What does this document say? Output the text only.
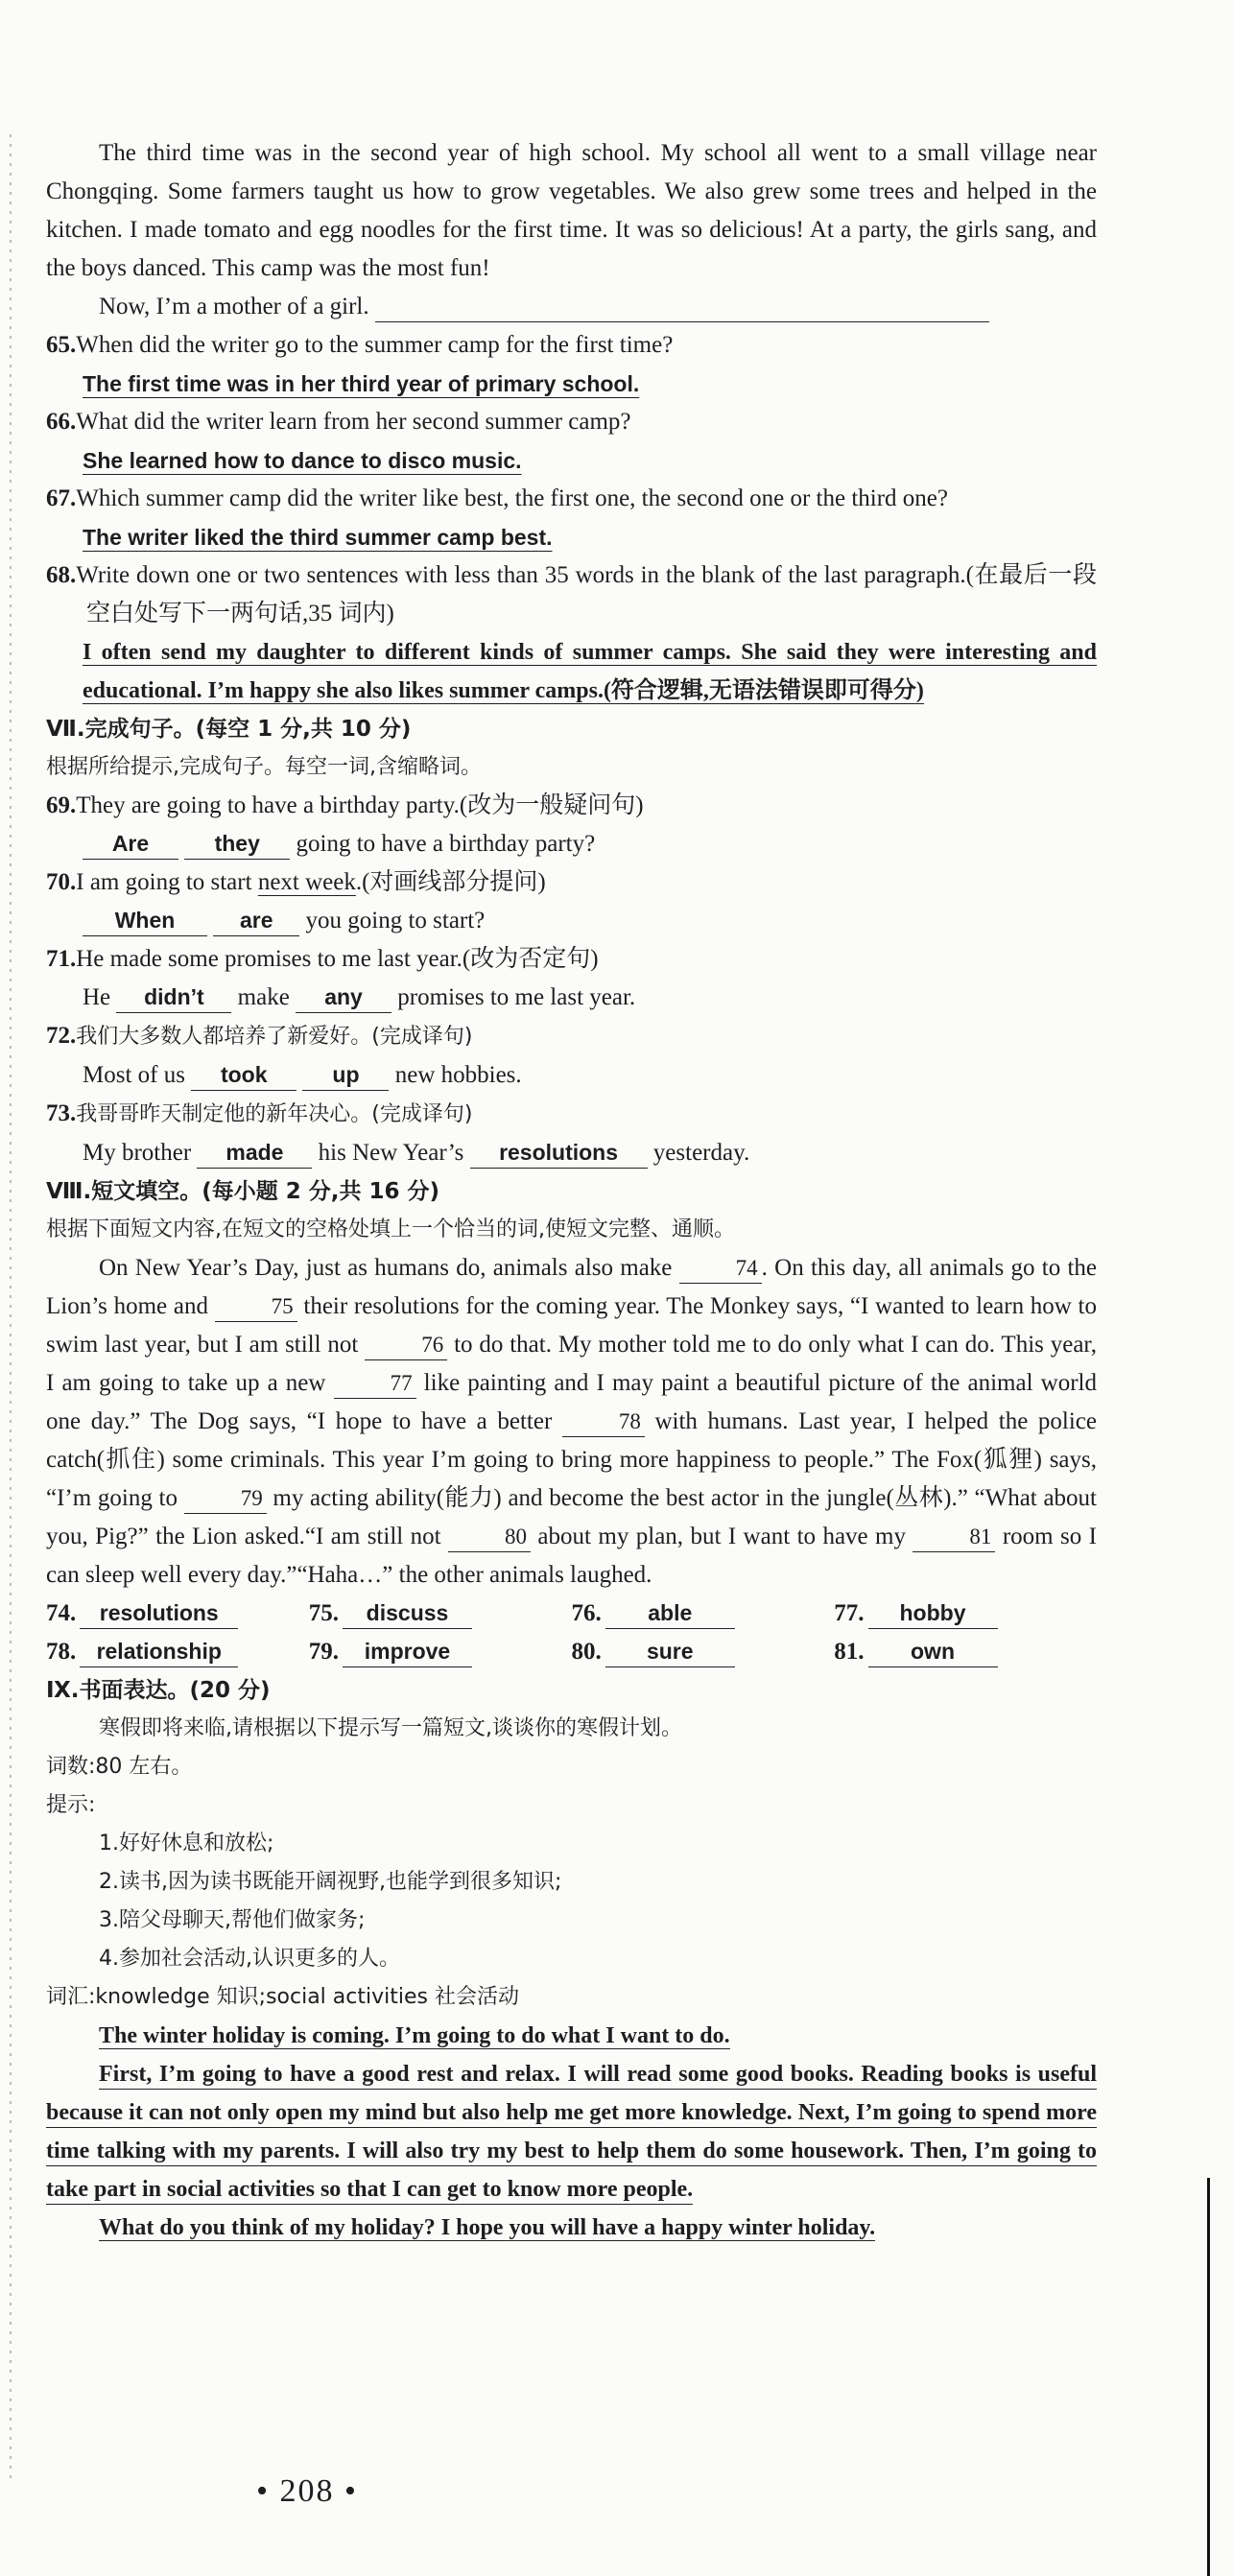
The third time was in the second year of high school. My school all went to a small village near Chongqing. Some farmers taught us how to grow vegetables. We also grew some trees and helped in the kitchen. I made tomato and egg noodles for the first time. It was so delicious! At a party, the girls sang, and the boys danced. This camp was the most fun!

Now, I’m a mother of a girl.

65.When did the writer go to the summer camp for the first time?

The first time was in her third year of primary school.

66.What did the writer learn from her second summer camp?

She learned how to dance to disco music.

67.Which summer camp did the writer like best, the first one, the second one or the third one?

The writer liked the third summer camp best.

68.Write down one or two sentences with less than 35 words in the blank of the last paragraph.(在最后一段空白处写下一两句话,35 词内)

I often send my daughter to different kinds of summer camps. She said they were interesting and educational. I’m happy she also likes summer camps.(符合逻辑,无语法错误即可得分)

Ⅶ.完成句子。(每空 1 分,共 10 分)

根据所给提示,完成句子。每空一词,含缩略词。

69.They are going to have a birthday party.(改为一般疑问句)

Are	they going to have a birthday party?

70.I am going to start next week.(对画线部分提问)

When	are you going to start?

71.He made some promises to me last year.(改为否定句)

He didn’t make any promises to me last year.

72.我们大多数人都培养了新爱好。(完成译句)

Most of us took	up new hobbies.

73.我哥哥昨天制定他的新年决心。(完成译句)

My brother made his New Year’s resolutions yesterday.

Ⅷ.短文填空。(每小题 2 分,共 16 分)

根据下面短文内容,在短文的空格处填上一个恰当的词,使短文完整、通顺。

On New Year’s Day, just as humans do, animals also make	74 . On this day, all animals go to the Lion’s home and	75 their resolutions for the coming year. The Monkey says, “I wanted to learn how to swim last year, but I am still not	76 to do that. My mother told me to do only what I can do. This year, I am going to take up a new	77 like painting and I may paint a beautiful picture of the animal world one day.” The Dog says, “I hope to have a better	78 with humans. Last year, I helped the police catch(抓住) some criminals. This year I’m going to bring more happiness to people.” The Fox(狐狸) says, “I’m going to	79 my acting ability(能力) and become the best actor in the jungle(丛林).” “What about you, Pig?” the Lion asked.“I am still not	80 about my plan, but I want to have my	81 room so I can sleep well every day.”“Haha…” the other animals laughed.

74. resolutions	75. discuss	76. able	77. hobby
78. relationship	79. improve	80. sure	81. own

Ⅸ.书面表达。(20 分)

寒假即将来临,请根据以下提示写一篇短文,谈谈你的寒假计划。

词数:80 左右。

提示:

1.好好休息和放松;

2.读书,因为读书既能开阔视野,也能学到很多知识;

3.陪父母聊天,帮他们做家务;

4.参加社会活动,认识更多的人。

词汇:knowledge 知识;social activities 社会活动

The winter holiday is coming. I’m going to do what I want to do.

First, I’m going to have a good rest and relax. I will read some good books. Reading books is useful because it can not only open my mind but also help me get more knowledge. Next, I’m going to spend more time talking with my parents. I will also try my best to help them do some housework. Then, I’m going to take part in social activities so that I can get to know more people.

What do you think of my holiday? I hope you will have a happy winter holiday.

• 208 •
